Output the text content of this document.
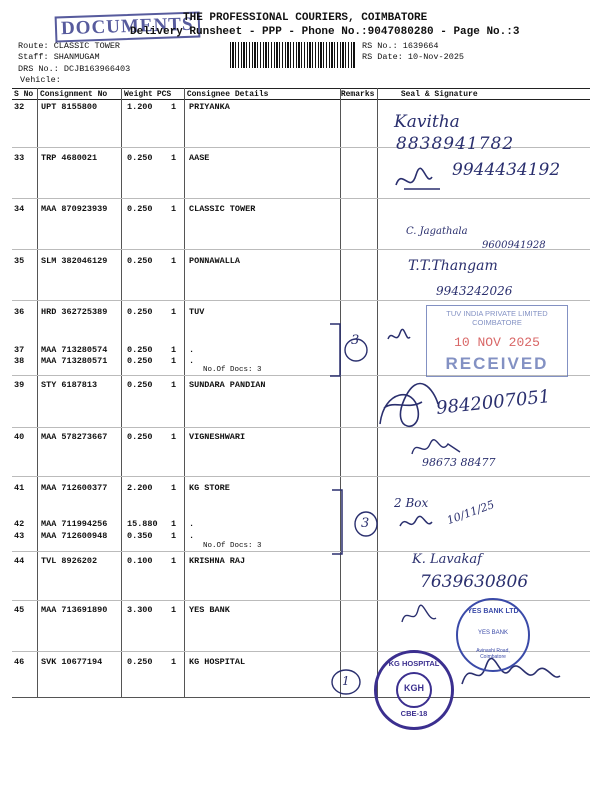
DOCUMENTS
THE PROFESSIONAL COURIERS, COIMBATORE
Delivery Runsheet - PPP - Phone No.:9047080280 - Page No.:3
Route: CLASSIC TOWER
Staff: SHANMUGAM
DRS No.: DCJB163966403
Vehicle:
RS No.: 1639664
RS Date: 10-Nov-2025
S No	Consignment No	Weight	PCS	Consignee Details	Remarks	Seal & Signature
32 UPT 8155800	1.200 1 PRIYANKA
33 TRP 4680021	0.250 1 AASE
34 MAA 870923939 0.250 1 CLASSIC TOWER
35 SLM 382046129 0.250 1 PONNAWALLA
36 HRD 362725389 0.250 1 TUV
37 MAA 713280574 0.250 1 .
38 MAA 713280571 0.250 1 .
39 STY 6187813	0.250 1 SUNDARA PANDIAN
40 MAA 578273667 0.250 1 VIGNESHWARI
41 MAA 712600377 2.200 1 KG STORE
42 MAA 711994256 15.880 1 .
43 MAA 712600948 0.350 1 .
44 TVL 8926202	0.100 1 KRISHNA RAJ
45 MAA 713691890 3.300 1 YES BANK
46 SVK 10677194	0.250 1 KG HOSPITAL
No.Of Docs: 3
No.Of Docs: 3
Kavitha
8838941782
9944434192
C. Jagathala
9600941928
T.T.Thangam
9943242026
TUV INDIA PRIVATE LIMITED
COIMBATORE
10 NOV 2025
RECEIVED
9842007051
98673 88477
2 Box 10/11/25
K. Lavakaf
7639630806
3
3
1
YES BANK LTD
YES BANK
Avinashi Road, Coimbatore
KG HOSPITAL
KGH
CBE-18
